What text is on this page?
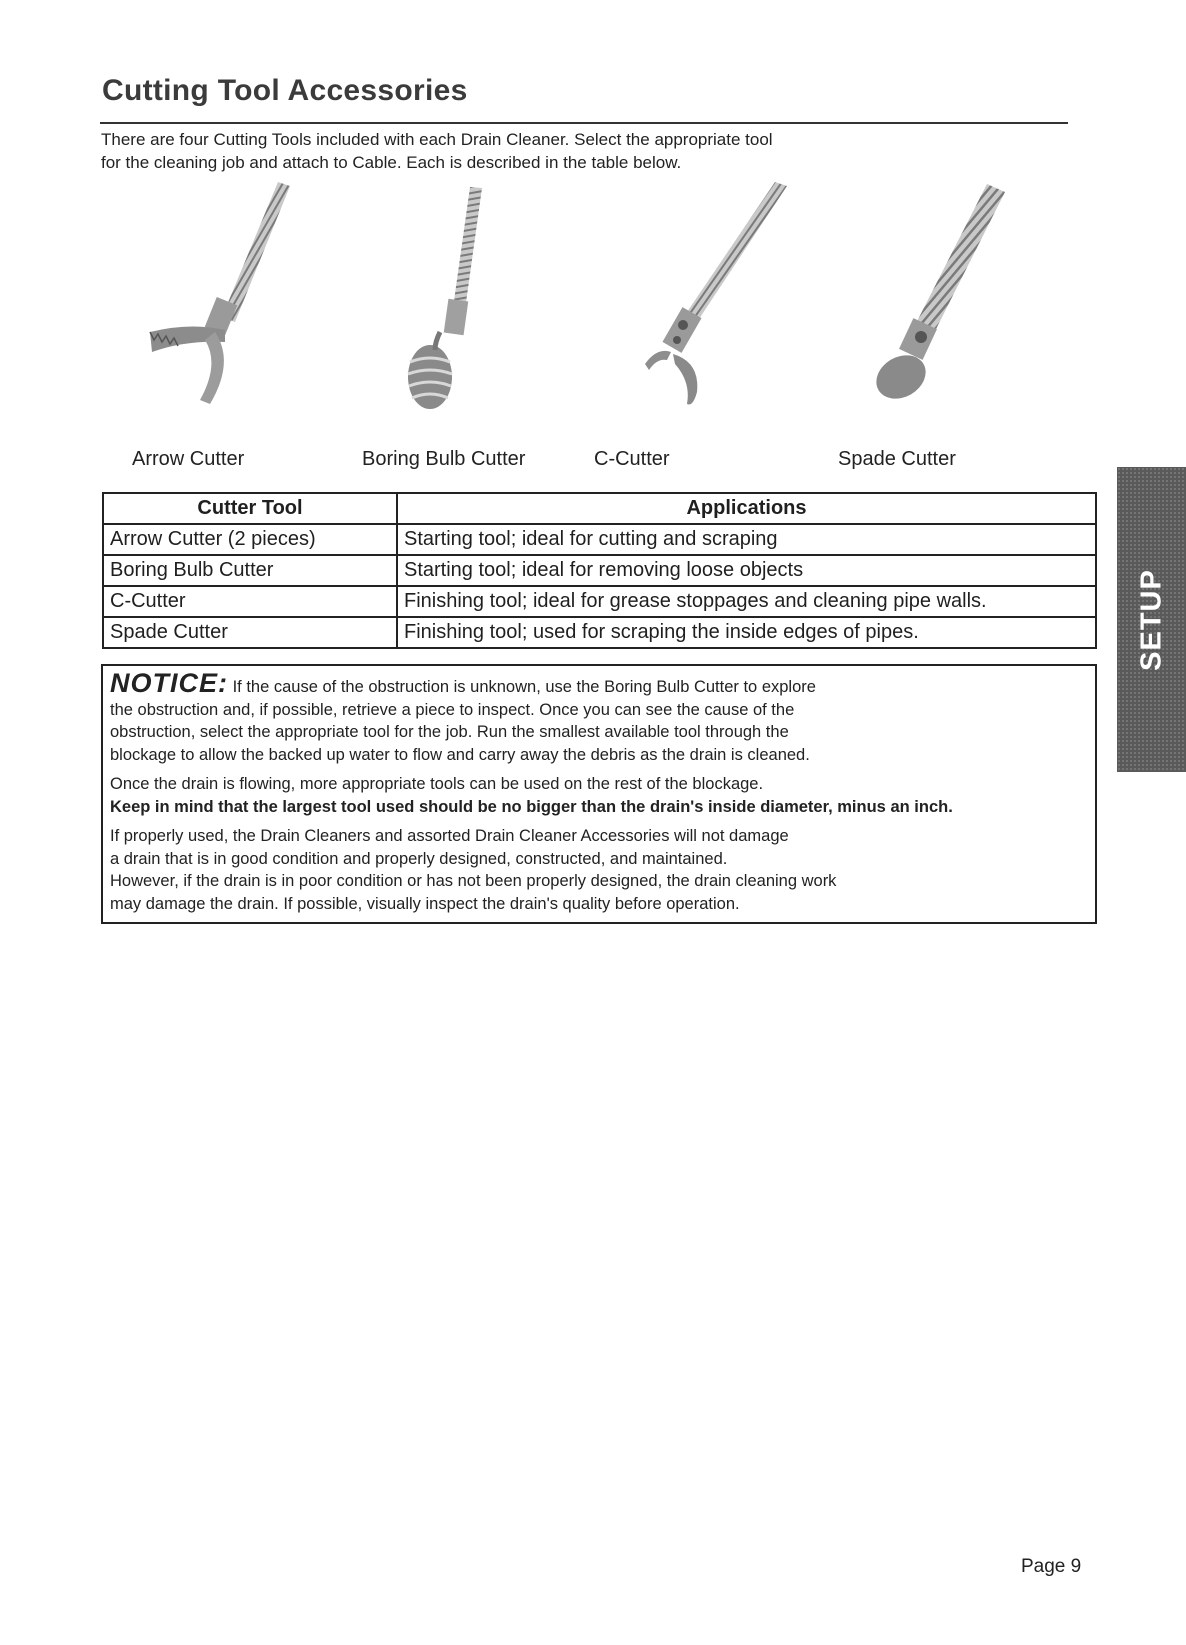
Cutting Tool Accessories
There are four Cutting Tools included with each Drain Cleaner. Select the appropriate tool
for the cleaning job and attach to Cable. Each is described in the table below.
Arrow Cutter	Boring Bulb Cutter	C-Cutter	Spade Cutter
Cutter Tool	Applications
Arrow Cutter (2 pieces)	Starting tool; ideal for cutting and scraping
Boring Bulb Cutter	Starting tool; ideal for removing loose objects
C-Cutter	Finishing tool; ideal for grease stoppages and cleaning pipe walls.
Spade Cutter	Finishing tool; used for scraping the inside edges of pipes.

NOTICE: If the cause of the obstruction is unknown, use the Boring Bulb Cutter to explore

the obstruction and, if possible, retrieve a piece to inspect. Once you can see the cause of the

obstruction, select the appropriate tool for the job. Run the smallest available tool through the

blockage to allow the backed up water to flow and carry away the debris as the drain is cleaned.

Once the drain is flowing, more appropriate tools can be used on the rest of the blockage.

Keep in mind that the largest tool used should be no bigger than the drain's inside diameter, minus an inch.

If properly used, the Drain Cleaners and assorted Drain Cleaner Accessories will not damage

a drain that is in good condition and properly designed, constructed, and maintained.

However, if the drain is in poor condition or has not been properly designed, the drain cleaning work

may damage the drain. If possible, visually inspect the drain's quality before operation.

SETUP
Page 9
